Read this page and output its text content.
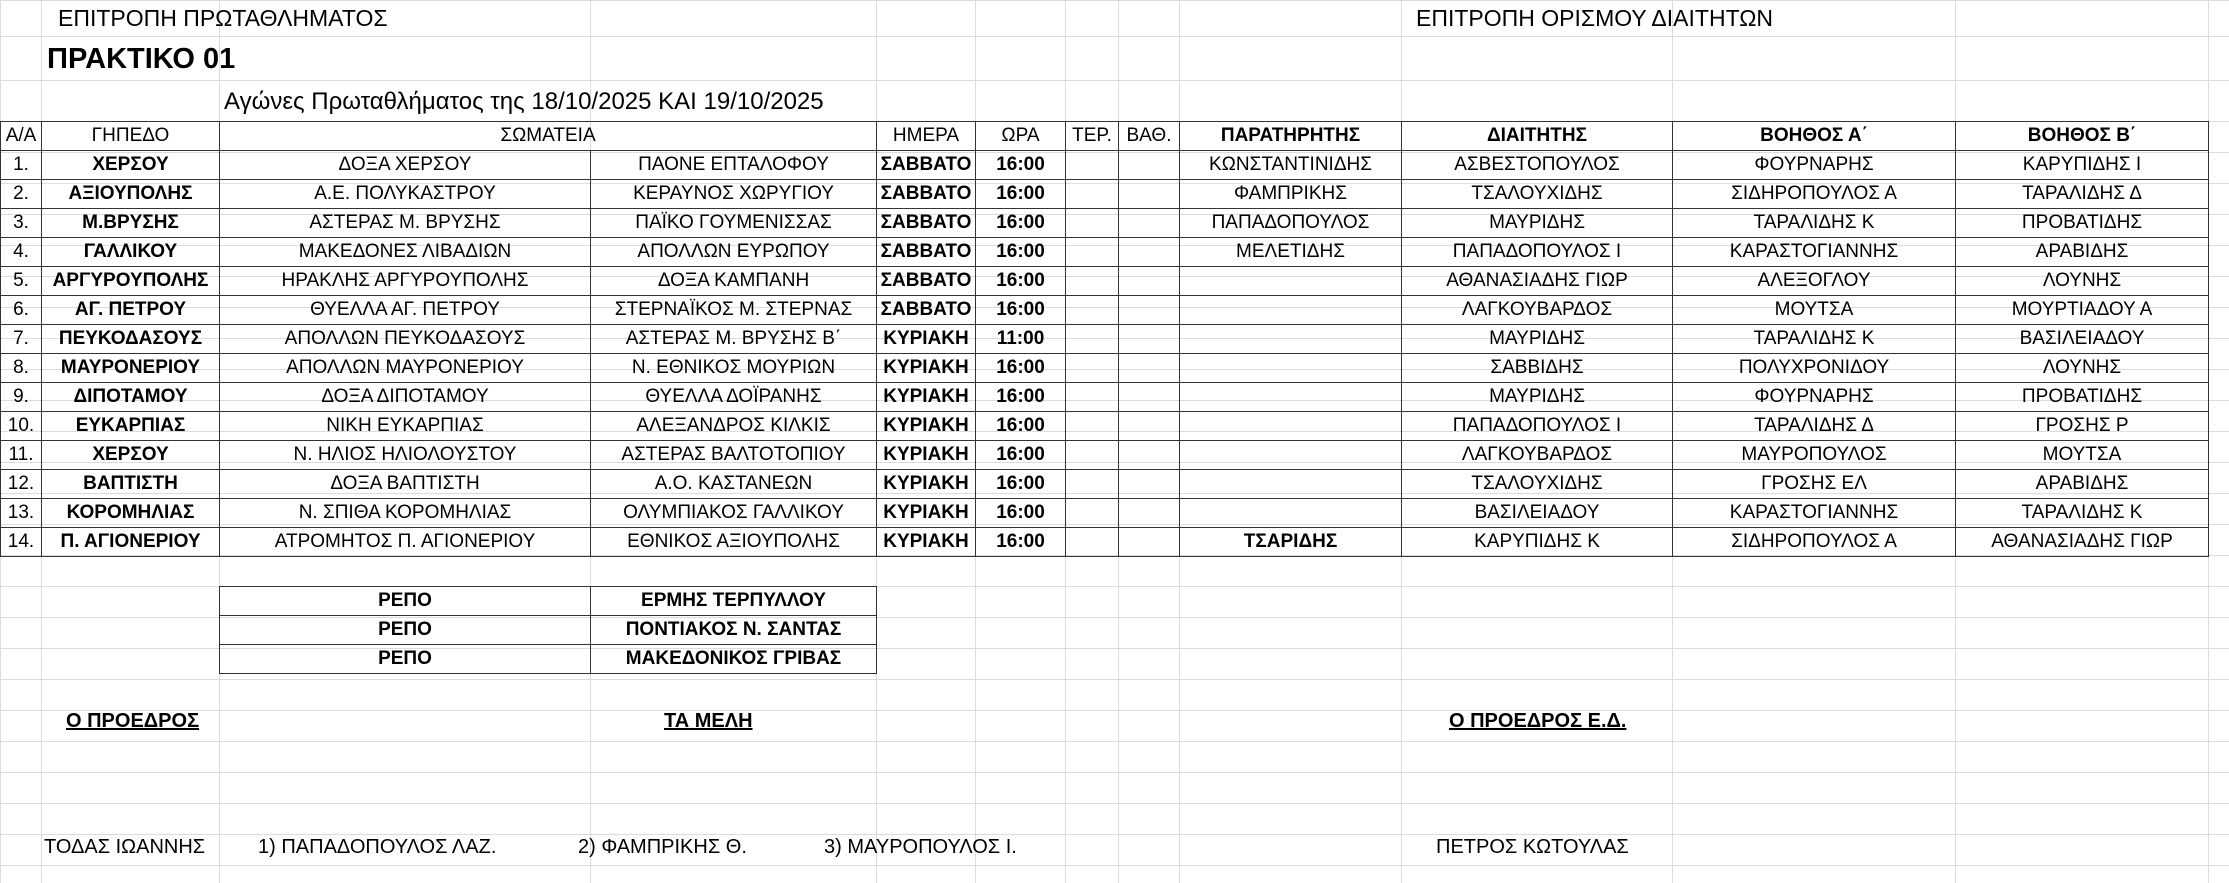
ΕΠΙΤΡΟΠΗ ΠΡΩΤΑΘΛΗΜΑΤΟΣ	ΕΠΙΤΡΟΠΗ ΟΡΙΣΜΟΥ ΔΙΑΙΤΗΤΩΝ
ΠΡΑΚΤΙΚΟ 01
Αγώνες Πρωταθλήματος της 18/10/2025 ΚΑΙ 19/10/2025
Α/Α	ΓΗΠΕΔΟ	ΣΩΜΑΤΕΙΑ		ΗΜΕΡΑ	ΩΡΑ	ΤΕΡ.	ΒΑΘ.	ΠΑΡΑΤΗΡΗΤΗΣ	ΔΙΑΙΤΗΤΗΣ	ΒΟΗΘΟΣ Α΄	ΒΟΗΘΟΣ Β΄
1.	ΧΕΡΣΟΥ	ΔΟΞΑ ΧΕΡΣΟΥ	ΠΑΟΝΕ ΕΠΤΑΛΟΦΟΥ	ΣΑΒΒΑΤΟ	16:00			ΚΩΝΣΤΑΝΤΙΝΙΔΗΣ	ΑΣΒΕΣΤΟΠΟΥΛΟΣ	ΦΟΥΡΝΑΡΗΣ	ΚΑΡΥΠΙΔΗΣ Ι
2.	ΑΞΙΟΥΠΟΛΗΣ	Α.Ε. ΠΟΛΥΚΑΣΤΡΟΥ	ΚΕΡΑΥΝΟΣ ΧΩΡΥΓΙΟΥ	ΣΑΒΒΑΤΟ	16:00			ΦΑΜΠΡΙΚΗΣ	ΤΣΑΛΟΥΧΙΔΗΣ	ΣΙΔΗΡΟΠΟΥΛΟΣ Α	ΤΑΡΑΛΙΔΗΣ Δ
3.	Μ.ΒΡΥΣΗΣ	ΑΣΤΕΡΑΣ Μ. ΒΡΥΣΗΣ	ΠΑΪΚΟ ΓΟΥΜΕΝΙΣΣΑΣ	ΣΑΒΒΑΤΟ	16:00			ΠΑΠΑΔΟΠΟΥΛΟΣ	ΜΑΥΡΙΔΗΣ	ΤΑΡΑΛΙΔΗΣ Κ	ΠΡΟΒΑΤΙΔΗΣ
4.	ΓΑΛΛΙΚΟΥ	ΜΑΚΕΔΟΝΕΣ ΛΙΒΑΔΙΩΝ	ΑΠΟΛΛΩΝ ΕΥΡΩΠΟΥ	ΣΑΒΒΑΤΟ	16:00			ΜΕΛΕΤΙΔΗΣ	ΠΑΠΑΔΟΠΟΥΛΟΣ Ι	ΚΑΡΑΣΤΟΓΙΑΝΝΗΣ	ΑΡΑΒΙΔΗΣ
5.	ΑΡΓΥΡΟΥΠΟΛΗΣ	ΗΡΑΚΛΗΣ ΑΡΓΥΡΟΥΠΟΛΗΣ	ΔΟΞΑ ΚΑΜΠΑΝΗ	ΣΑΒΒΑΤΟ	16:00				ΑΘΑΝΑΣΙΑΔΗΣ ΓΙΩΡ	ΑΛΕΞΟΓΛΟΥ	ΛΟΥΝΗΣ
6.	ΑΓ. ΠΕΤΡΟΥ	ΘΥΕΛΛΑ ΑΓ. ΠΕΤΡΟΥ	ΣΤΕΡΝΑΪΚΟΣ Μ. ΣΤΕΡΝΑΣ	ΣΑΒΒΑΤΟ	16:00				ΛΑΓΚΟΥΒΑΡΔΟΣ	ΜΟΥΤΣΑ	ΜΟΥΡΤΙΑΔΟΥ Α
7.	ΠΕΥΚΟΔΑΣΟΥΣ	ΑΠΟΛΛΩΝ ΠΕΥΚΟΔΑΣΟΥΣ	ΑΣΤΕΡΑΣ Μ. ΒΡΥΣΗΣ Β΄	ΚΥΡΙΑΚΗ	11:00				ΜΑΥΡΙΔΗΣ	ΤΑΡΑΛΙΔΗΣ Κ	ΒΑΣΙΛΕΙΑΔΟΥ
8.	ΜΑΥΡΟΝΕΡΙΟΥ	ΑΠΟΛΛΩΝ ΜΑΥΡΟΝΕΡΙΟΥ	Ν. ΕΘΝΙΚΟΣ ΜΟΥΡΙΩΝ	ΚΥΡΙΑΚΗ	16:00				ΣΑΒΒΙΔΗΣ	ΠΟΛΥΧΡΟΝΙΔΟΥ	ΛΟΥΝΗΣ
9.	ΔΙΠΟΤΑΜΟΥ	ΔΟΞΑ ΔΙΠΟΤΑΜΟΥ	ΘΥΕΛΛΑ ΔΟΪΡΑΝΗΣ	ΚΥΡΙΑΚΗ	16:00				ΜΑΥΡΙΔΗΣ	ΦΟΥΡΝΑΡΗΣ	ΠΡΟΒΑΤΙΔΗΣ
10.	ΕΥΚΑΡΠΙΑΣ	ΝΙΚΗ ΕΥΚΑΡΠΙΑΣ	ΑΛΕΞΑΝΔΡΟΣ ΚΙΛΚΙΣ	ΚΥΡΙΑΚΗ	16:00				ΠΑΠΑΔΟΠΟΥΛΟΣ Ι	ΤΑΡΑΛΙΔΗΣ Δ	ΓΡΟΣΗΣ Ρ
11.	ΧΕΡΣΟΥ	Ν. ΗΛΙΟΣ ΗΛΙΟΛΟΥΣΤΟΥ	ΑΣΤΕΡΑΣ ΒΑΛΤΟΤΟΠΙΟΥ	ΚΥΡΙΑΚΗ	16:00				ΛΑΓΚΟΥΒΑΡΔΟΣ	ΜΑΥΡΟΠΟΥΛΟΣ	ΜΟΥΤΣΑ
12.	ΒΑΠΤΙΣΤΗ	ΔΟΞΑ ΒΑΠΤΙΣΤΗ	Α.Ο. ΚΑΣΤΑΝΕΩΝ	ΚΥΡΙΑΚΗ	16:00				ΤΣΑΛΟΥΧΙΔΗΣ	ΓΡΟΣΗΣ ΕΛ	ΑΡΑΒΙΔΗΣ
13.	ΚΟΡΟΜΗΛΙΑΣ	Ν. ΣΠΙΘΑ ΚΟΡΟΜΗΛΙΑΣ	ΟΛΥΜΠΙΑΚΟΣ ΓΑΛΛΙΚΟΥ	ΚΥΡΙΑΚΗ	16:00				ΒΑΣΙΛΕΙΑΔΟΥ	ΚΑΡΑΣΤΟΓΙΑΝΝΗΣ	ΤΑΡΑΛΙΔΗΣ Κ
14.	Π. ΑΓΙΟΝΕΡΙΟΥ	ΑΤΡΟΜΗΤΟΣ Π. ΑΓΙΟΝΕΡΙΟΥ	ΕΘΝΙΚΟΣ ΑΞΙΟΥΠΟΛΗΣ	ΚΥΡΙΑΚΗ	16:00			ΤΣΑΡΙΔΗΣ	ΚΑΡΥΠΙΔΗΣ Κ	ΣΙΔΗΡΟΠΟΥΛΟΣ Α	ΑΘΑΝΑΣΙΑΔΗΣ ΓΙΩΡ
ΡΕΠΟ	ΕΡΜΗΣ ΤΕΡΠΥΛΛΟΥ
ΡΕΠΟ	ΠΟΝΤΙΑΚΟΣ Ν. ΣΑΝΤΑΣ
ΡΕΠΟ	ΜΑΚΕΔΟΝΙΚΟΣ ΓΡΙΒΑΣ
Ο ΠΡΟΕΔΡΟΣ	ΤΑ ΜΕΛΗ	Ο ΠΡΟΕΔΡΟΣ Ε.Δ.
ΤΟΔΑΣ ΙΩΑΝΝΗΣ	1) ΠΑΠΑΔΟΠΟΥΛΟΣ ΛΑΖ.	2) ΦΑΜΠΡΙΚΗΣ Θ.	3) ΜΑΥΡΟΠΟΥΛΟΣ Ι.	ΠΕΤΡΟΣ ΚΩΤΟΥΛΑΣ
